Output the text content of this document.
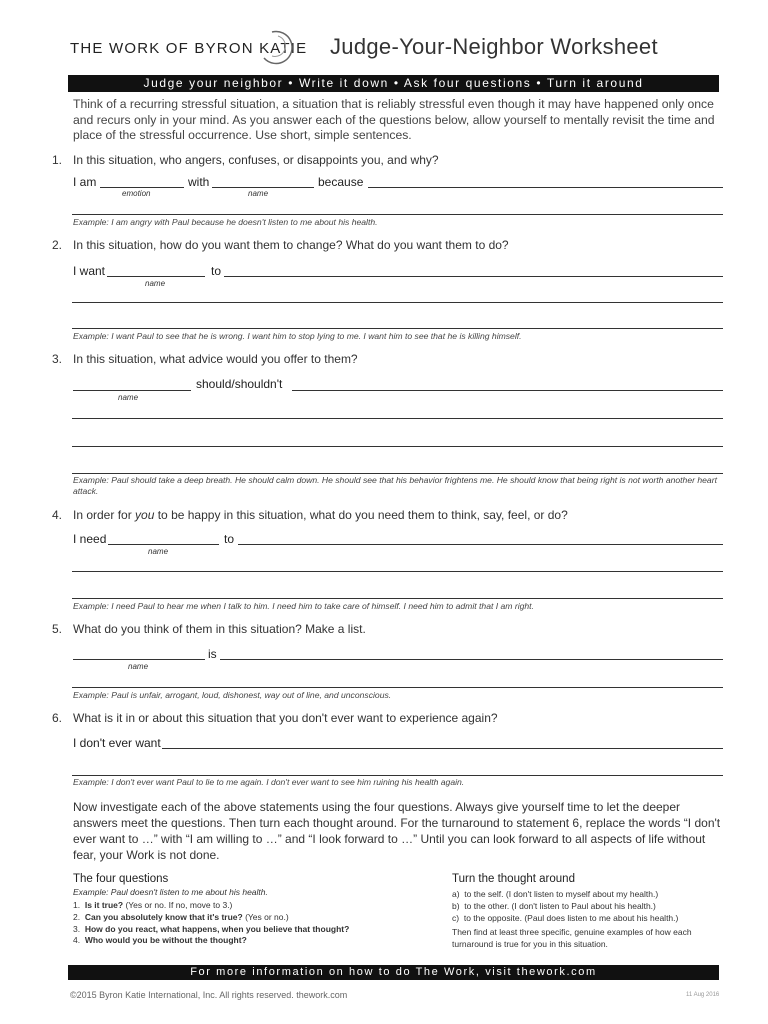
THE WORK OF BYRON KATIE Judge-Your-Neighbor Worksheet
Judge your neighbor • Write it down • Ask four questions • Turn it around
Think of a recurring stressful situation, a situation that is reliably stressful even though it may have happened only once and recurs only in your mind. As you answer each of the questions below, allow yourself to mentally revisit the time and place of the stressful occurrence. Use short, simple sentences.
1. In this situation, who angers, confuses, or disappoints you, and why?
I am	with	because
emotion	name
Example: I am angry with Paul because he doesn't listen to me about his health.
2. In this situation, how do you want them to change? What do you want them to do?
I want	to
name
Example: I want Paul to see that he is wrong. I want him to stop lying to me. I want him to see that he is killing himself.
3. In this situation, what advice would you offer to them?
should/shouldn't
name
Example: Paul should take a deep breath. He should calm down. He should see that his behavior frightens me. He should know that being right is not worth another heart attack.
4. In order for you to be happy in this situation, what do you need them to think, say, feel, or do?
I need	to
name
Example: I need Paul to hear me when I talk to him. I need him to take care of himself. I need him to admit that I am right.
5. What do you think of them in this situation? Make a list.
is
name
Example: Paul is unfair, arrogant, loud, dishonest, way out of line, and unconscious.
6. What is it in or about this situation that you don't ever want to experience again?
I don't ever want
Example: I don't ever want Paul to lie to me again. I don't ever want to see him ruining his health again.
Now investigate each of the above statements using the four questions. Always give yourself time to let the deeper answers meet the questions. Then turn each thought around. For the turnaround to statement 6, replace the words “I don't ever want to …” with “I am willing to …” and “I look forward to …” Until you can look forward to all aspects of life without fear, your Work is not done.
The four questions
Example: Paul doesn't listen to me about his health.
1. Is it true? (Yes or no. If no, move to 3.)
2. Can you absolutely know that it's true? (Yes or no.)
3. How do you react, what happens, when you believe that thought?
4. Who would you be without the thought?
Turn the thought around
a) to the self. (I don't listen to myself about my health.)
b) to the other. (I don't listen to Paul about his health.)
c) to the opposite. (Paul does listen to me about his health.)
Then find at least three specific, genuine examples of how each turnaround is true for you in this situation.
For more information on how to do The Work, visit thework.com
©2015 Byron Katie International, Inc. All rights reserved. thework.com	11 Aug 2016
